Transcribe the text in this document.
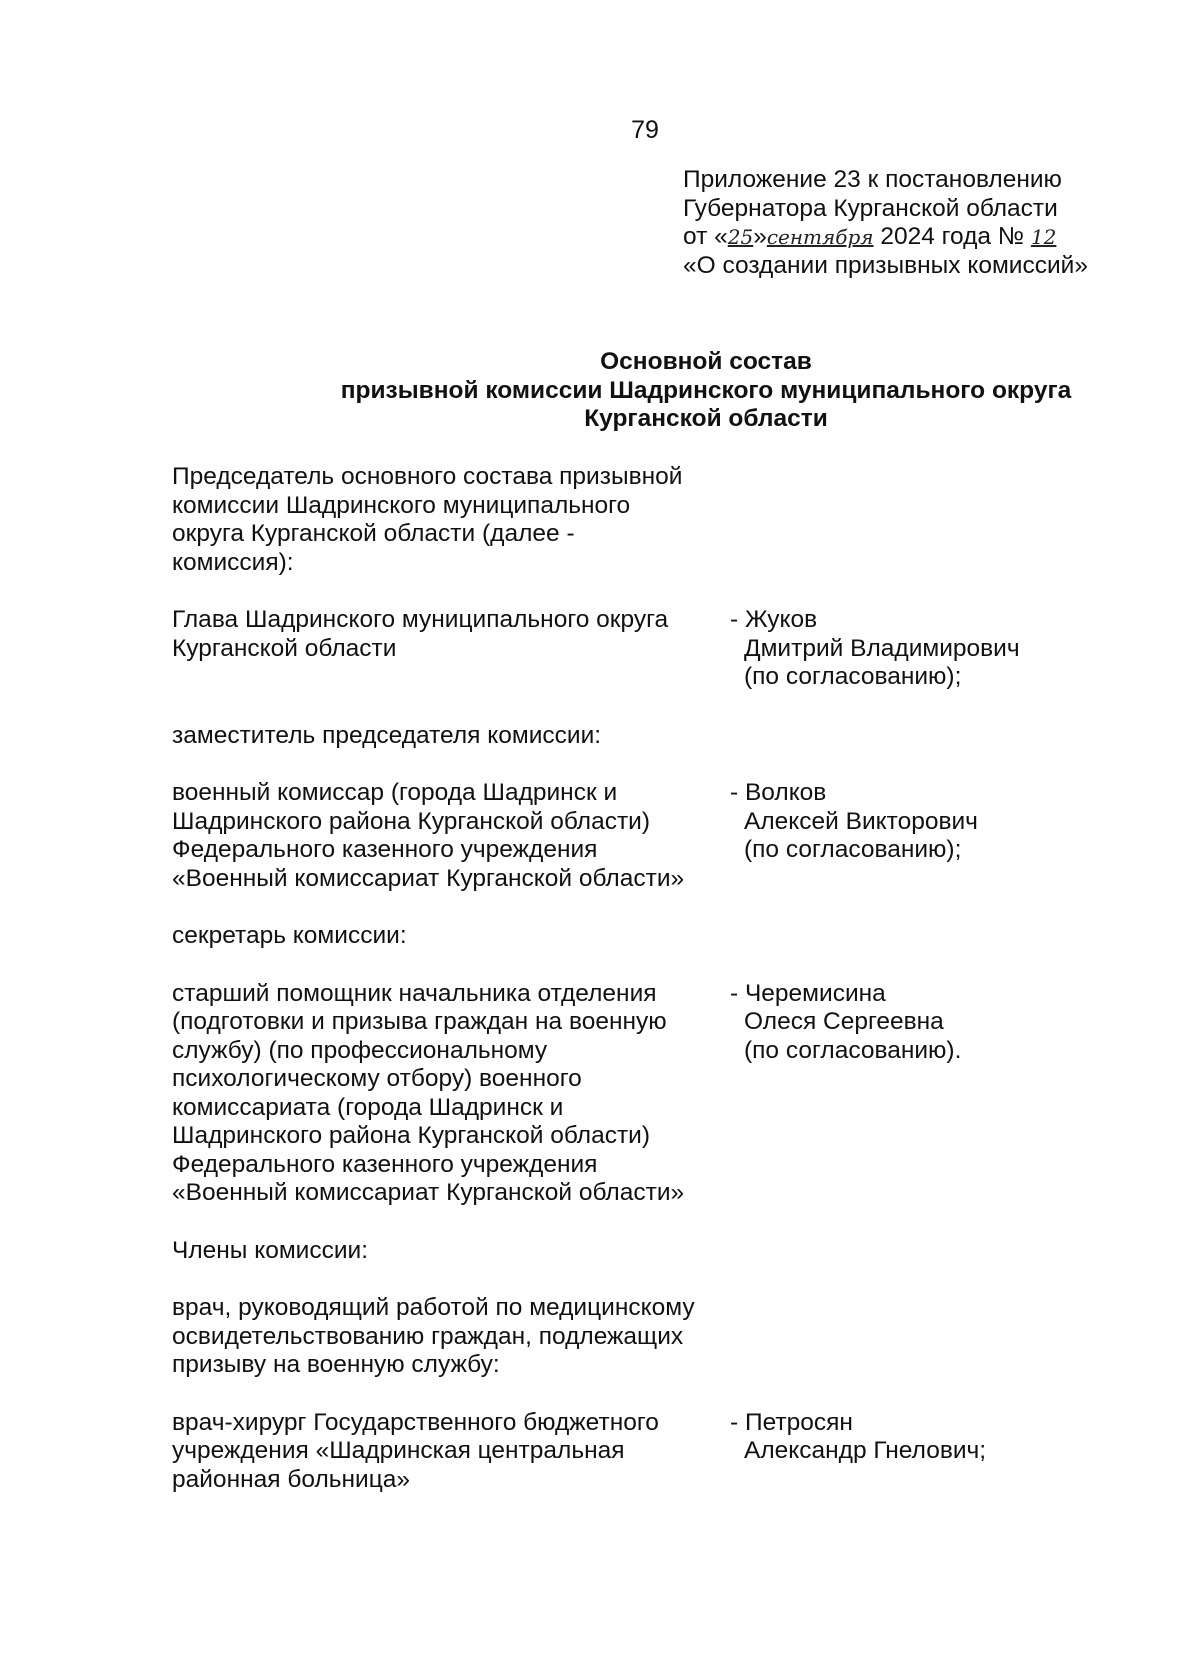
79
Приложение 23 к постановлению
Губернатора Курганской области
от «25»сентября 2024 года № 12
«О создании призывных комиссий»
Основной состав
призывной комиссии Шадринского муниципального округа
Курганской области
Председатель основного состава призывной
комиссии Шадринского муниципального
округа Курганской области (далее -
комиссия):
Глава Шадринского муниципального округа
Курганской области
- Жуков
Дмитрий Владимирович
(по согласованию);
заместитель председателя комиссии:
военный комиссар (города Шадринск и
Шадринского района Курганской области)
Федерального казенного учреждения
«Военный комиссариат Курганской области»
- Волков
Алексей Викторович
(по согласованию);
секретарь комиссии:
старший помощник начальника отделения
(подготовки и призыва граждан на военную
службу) (по профессиональному
психологическому отбору) военного
комиссариата (города Шадринск и
Шадринского района Курганской области)
Федерального казенного учреждения
«Военный комиссариат Курганской области»
- Черемисина
Олеся Сергеевна
(по согласованию).
Члены комиссии:
врач, руководящий работой по медицинскому
освидетельствованию граждан, подлежащих
призыву на военную службу:
врач-хирург Государственного бюджетного
учреждения «Шадринская центральная
районная больница»
- Петросян
Александр Гнелович;
